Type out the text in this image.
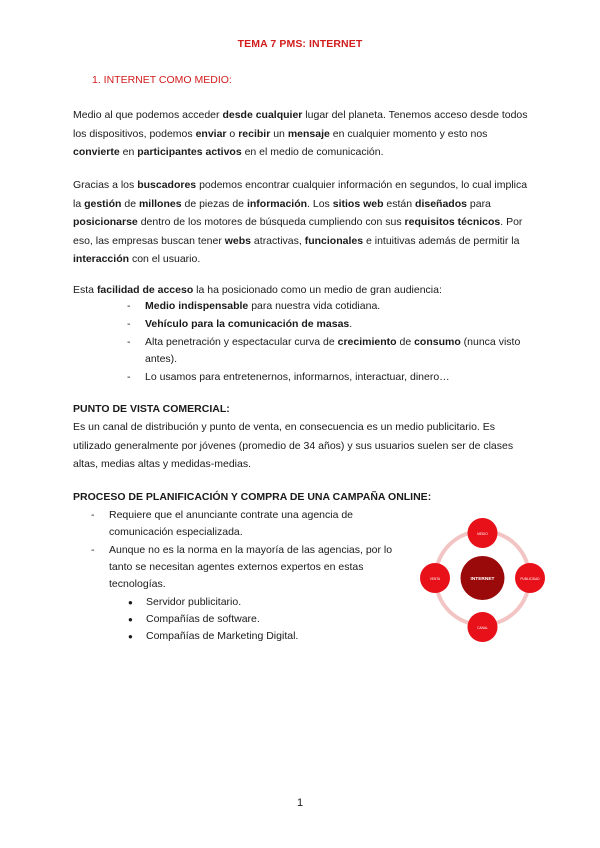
TEMA 7 PMS: INTERNET
1. INTERNET COMO MEDIO:
Medio al que podemos acceder desde cualquier lugar del planeta. Tenemos acceso desde todos los dispositivos, podemos enviar o recibir un mensaje en cualquier momento y esto nos convierte en participantes activos en el medio de comunicación.
Gracias a los buscadores podemos encontrar cualquier información en segundos, lo cual implica la gestión de millones de piezas de información. Los sitios web están diseñados para posicionarse dentro de los motores de búsqueda cumpliendo con sus requisitos técnicos. Por eso, las empresas buscan tener webs atractivas, funcionales e intuitivas además de permitir la interacción con el usuario.
Esta facilidad de acceso la ha posicionado como un medio de gran audiencia:
- Medio indispensable para nuestra vida cotidiana.
- Vehículo para la comunicación de masas.
- Alta penetración y espectacular curva de crecimiento de consumo (nunca visto antes).
- Lo usamos para entretenernos, informarnos, interactuar, dinero…
PUNTO DE VISTA COMERCIAL:
Es un canal de distribución y punto de venta, en consecuencia es un medio publicitario. Es utilizado generalmente por jóvenes (promedio de 34 años) y sus usuarios suelen ser de clases altas, medias altas y medidas-medias.
PROCESO DE PLANIFICACIÓN Y COMPRA DE UNA CAMPAÑA ONLINE:
- Requiere que el anunciante contrate una agencia de comunicación especializada.
- Aunque no es la norma en la mayoría de las agencias, por lo tanto se necesitan agentes externos expertos en estas tecnologías.
● Servidor publicitario.
● Compañías de software.
● Compañías de Marketing Digital.
INTERNET
MEDIO
VENTA	PUBLICIDAD
CANAL
1
